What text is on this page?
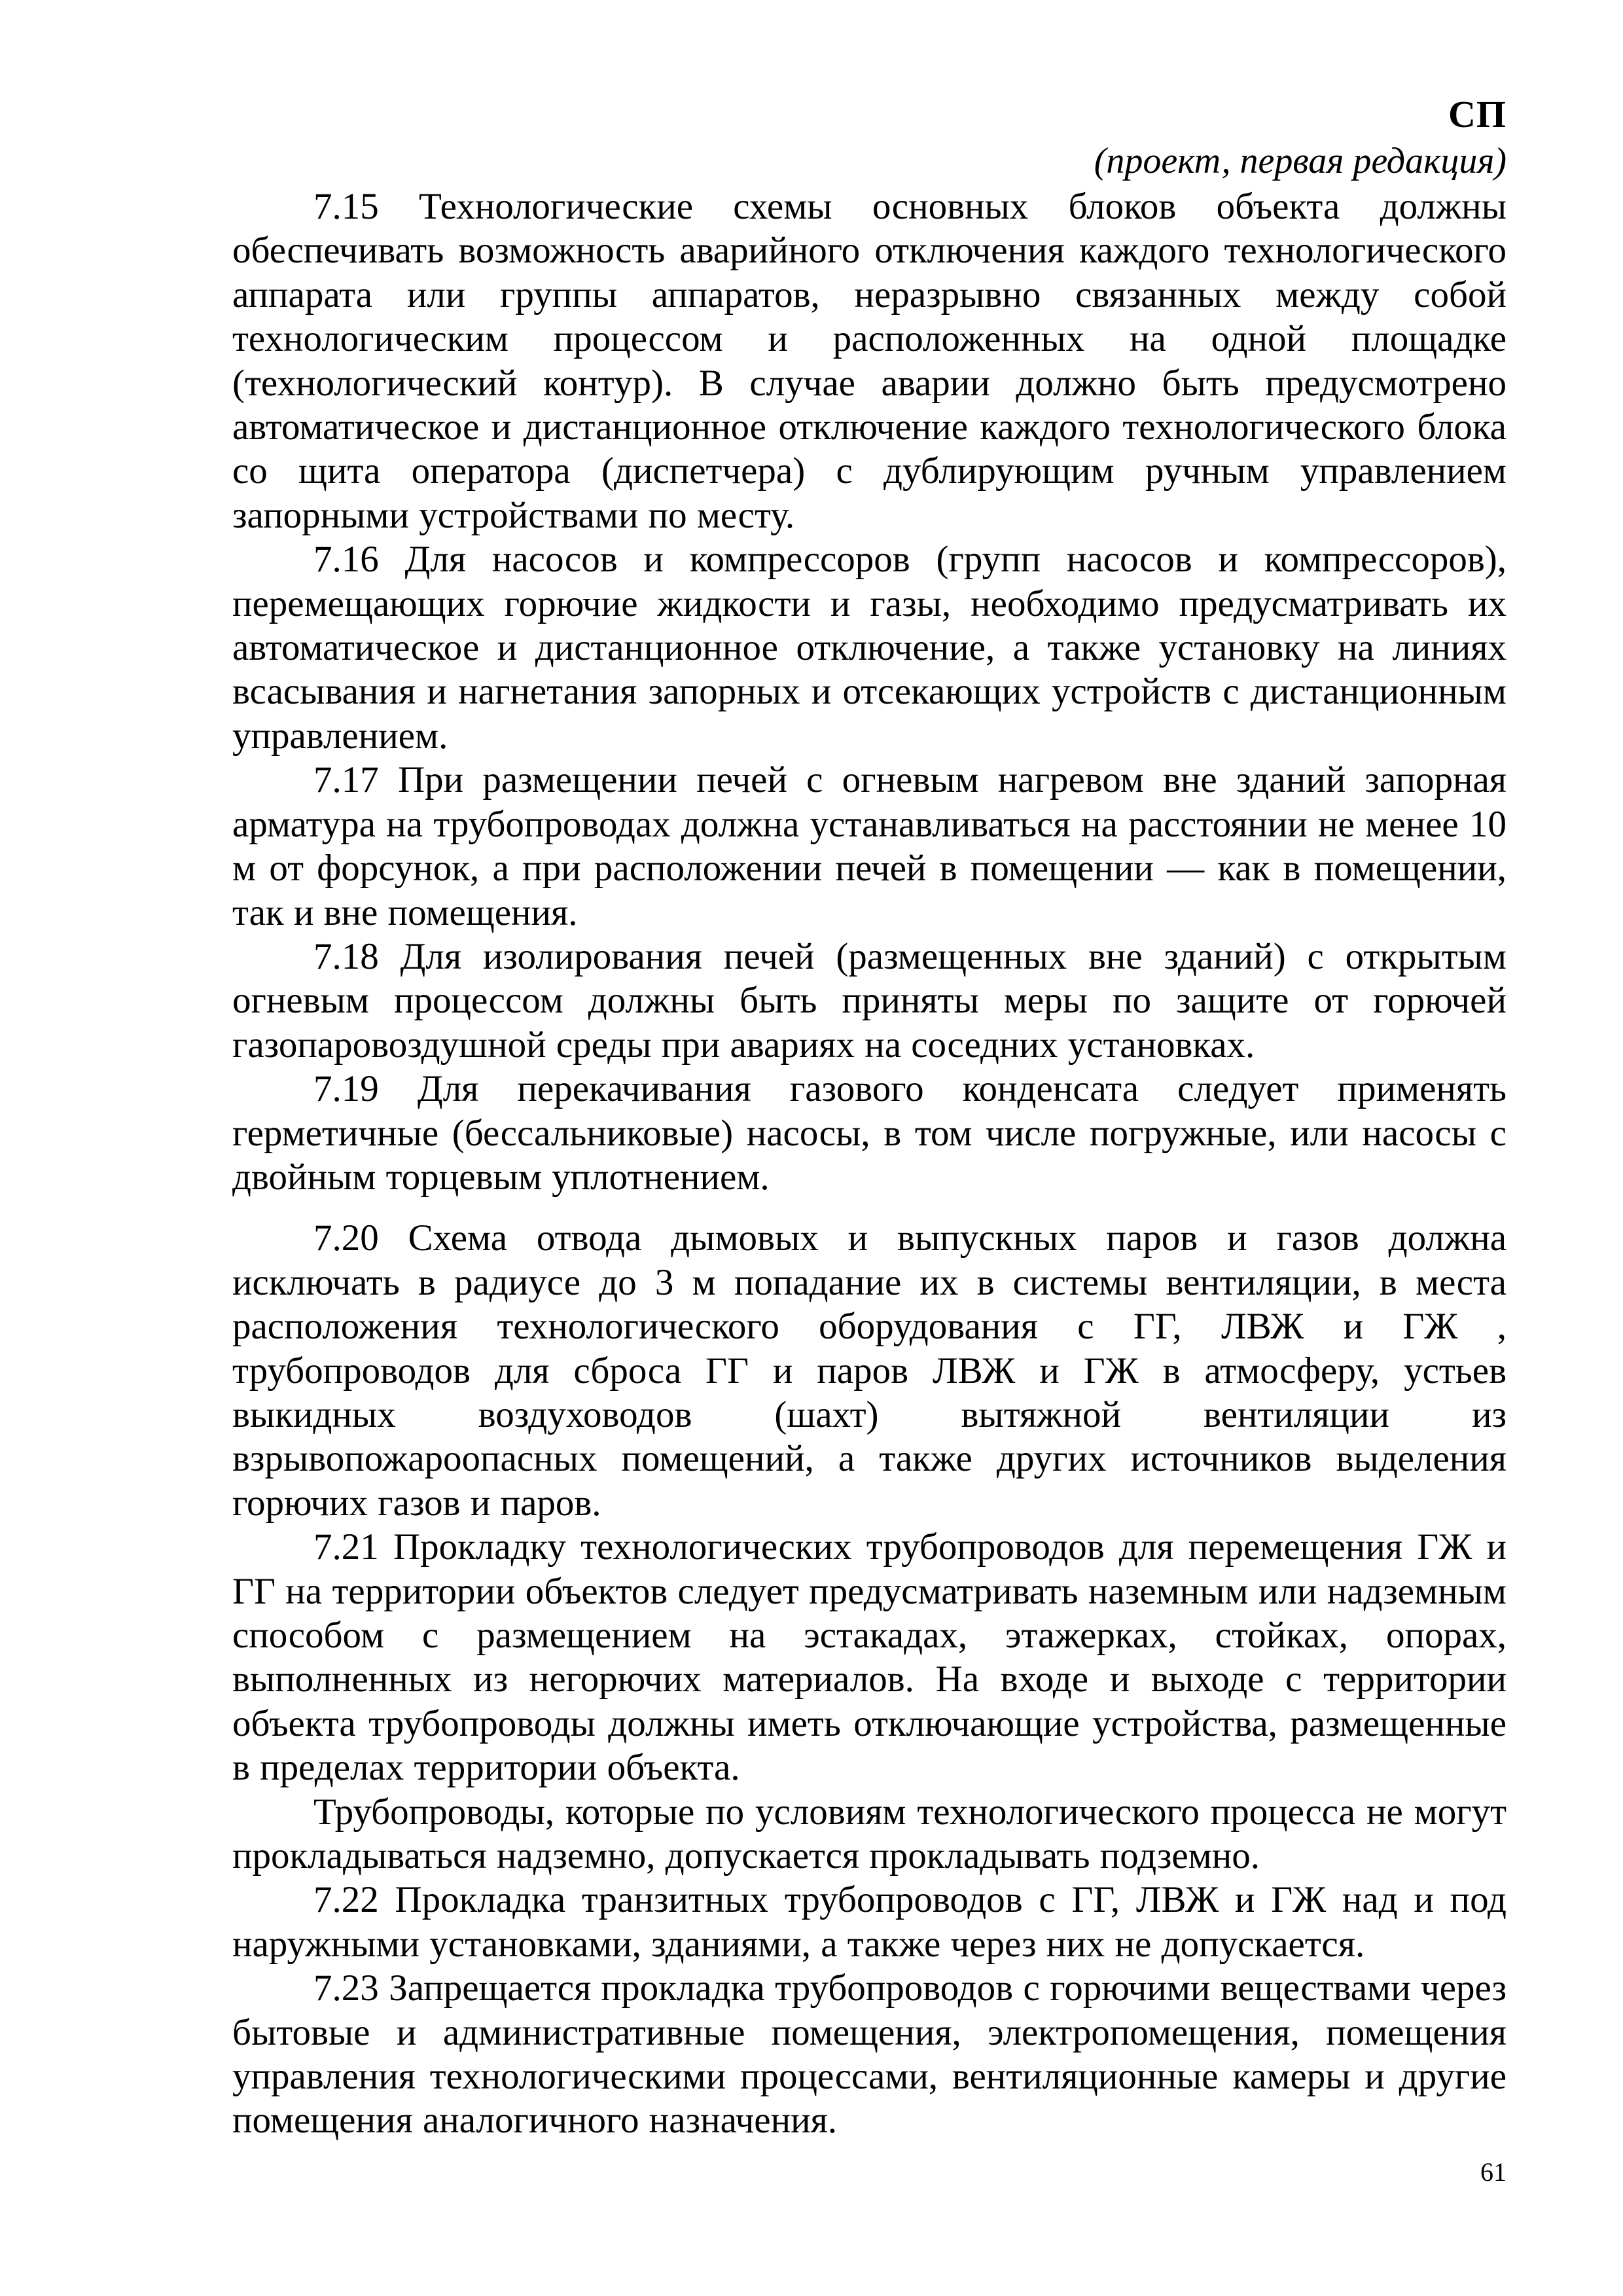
СП
(проект, первая редакция)

7.15 Технологические схемы основных блоков объекта должны обеспечивать возможность аварийного отключения каждого технологического аппарата или группы аппаратов, неразрывно связанных между собой технологическим процессом и расположенных на одной площадке (технологический контур). В случае аварии должно быть предусмотрено автоматическое и дистанционное отключение каждого технологического блока со щита оператора (диспетчера) с дублирующим ручным управлением запорными устройствами по месту.

7.16 Для насосов и компрессоров (групп насосов и компрессоров), перемещающих горючие жидкости и газы, необходимо предусматривать их автоматическое и дистанционное отключение, а также установку на линиях всасывания и нагнетания запорных и отсекающих устройств с дистанционным управлением.

7.17 При размещении печей с огневым нагревом вне зданий запорная арматура на трубопроводах должна устанавливаться на расстоянии не менее 10 м от форсунок, а при расположении печей в помещении — как в помещении, так и вне помещения.

7.18 Для изолирования печей (размещенных вне зданий) с открытым огневым процессом должны быть приняты меры по защите от горючей газопаровоздушной среды при авариях на соседних установках.

7.19 Для перекачивания газового конденсата следует применять герметичные (бессальниковые) насосы, в том числе погружные, или насосы с двойным торцевым уплотнением.

7.20 Схема отвода дымовых и выпускных паров и газов должна исключать в радиусе до 3 м попадание их в системы вентиляции, в места расположения технологического оборудования с ГГ, ЛВЖ и ГЖ , трубопроводов для сброса ГГ и паров ЛВЖ и ГЖ в атмосферу, устьев выкидных воздуховодов (шахт) вытяжной вентиляции из взрывопожароопасных помещений, а также других источников выделения горючих газов и паров.

7.21 Прокладку технологических трубопроводов для перемещения ГЖ и ГГ на территории объектов следует предусматривать наземным или надземным способом с размещением на эстакадах, этажерках, стойках, опорах, выполненных из негорючих материалов. На входе и выходе с территории объекта трубопроводы должны иметь отключающие устройства, размещенные в пределах территории объекта.

Трубопроводы, которые по условиям технологического процесса не могут прокладываться надземно, допускается прокладывать подземно.

7.22 Прокладка транзитных трубопроводов с ГГ, ЛВЖ и ГЖ над и под наружными установками, зданиями, а также через них не допускается.

7.23 Запрещается прокладка трубопроводов с горючими веществами через бытовые и административные помещения, электропомещения, помещения управления технологическими процессами, вентиляционные камеры и другие помещения аналогичного назначения.

61
